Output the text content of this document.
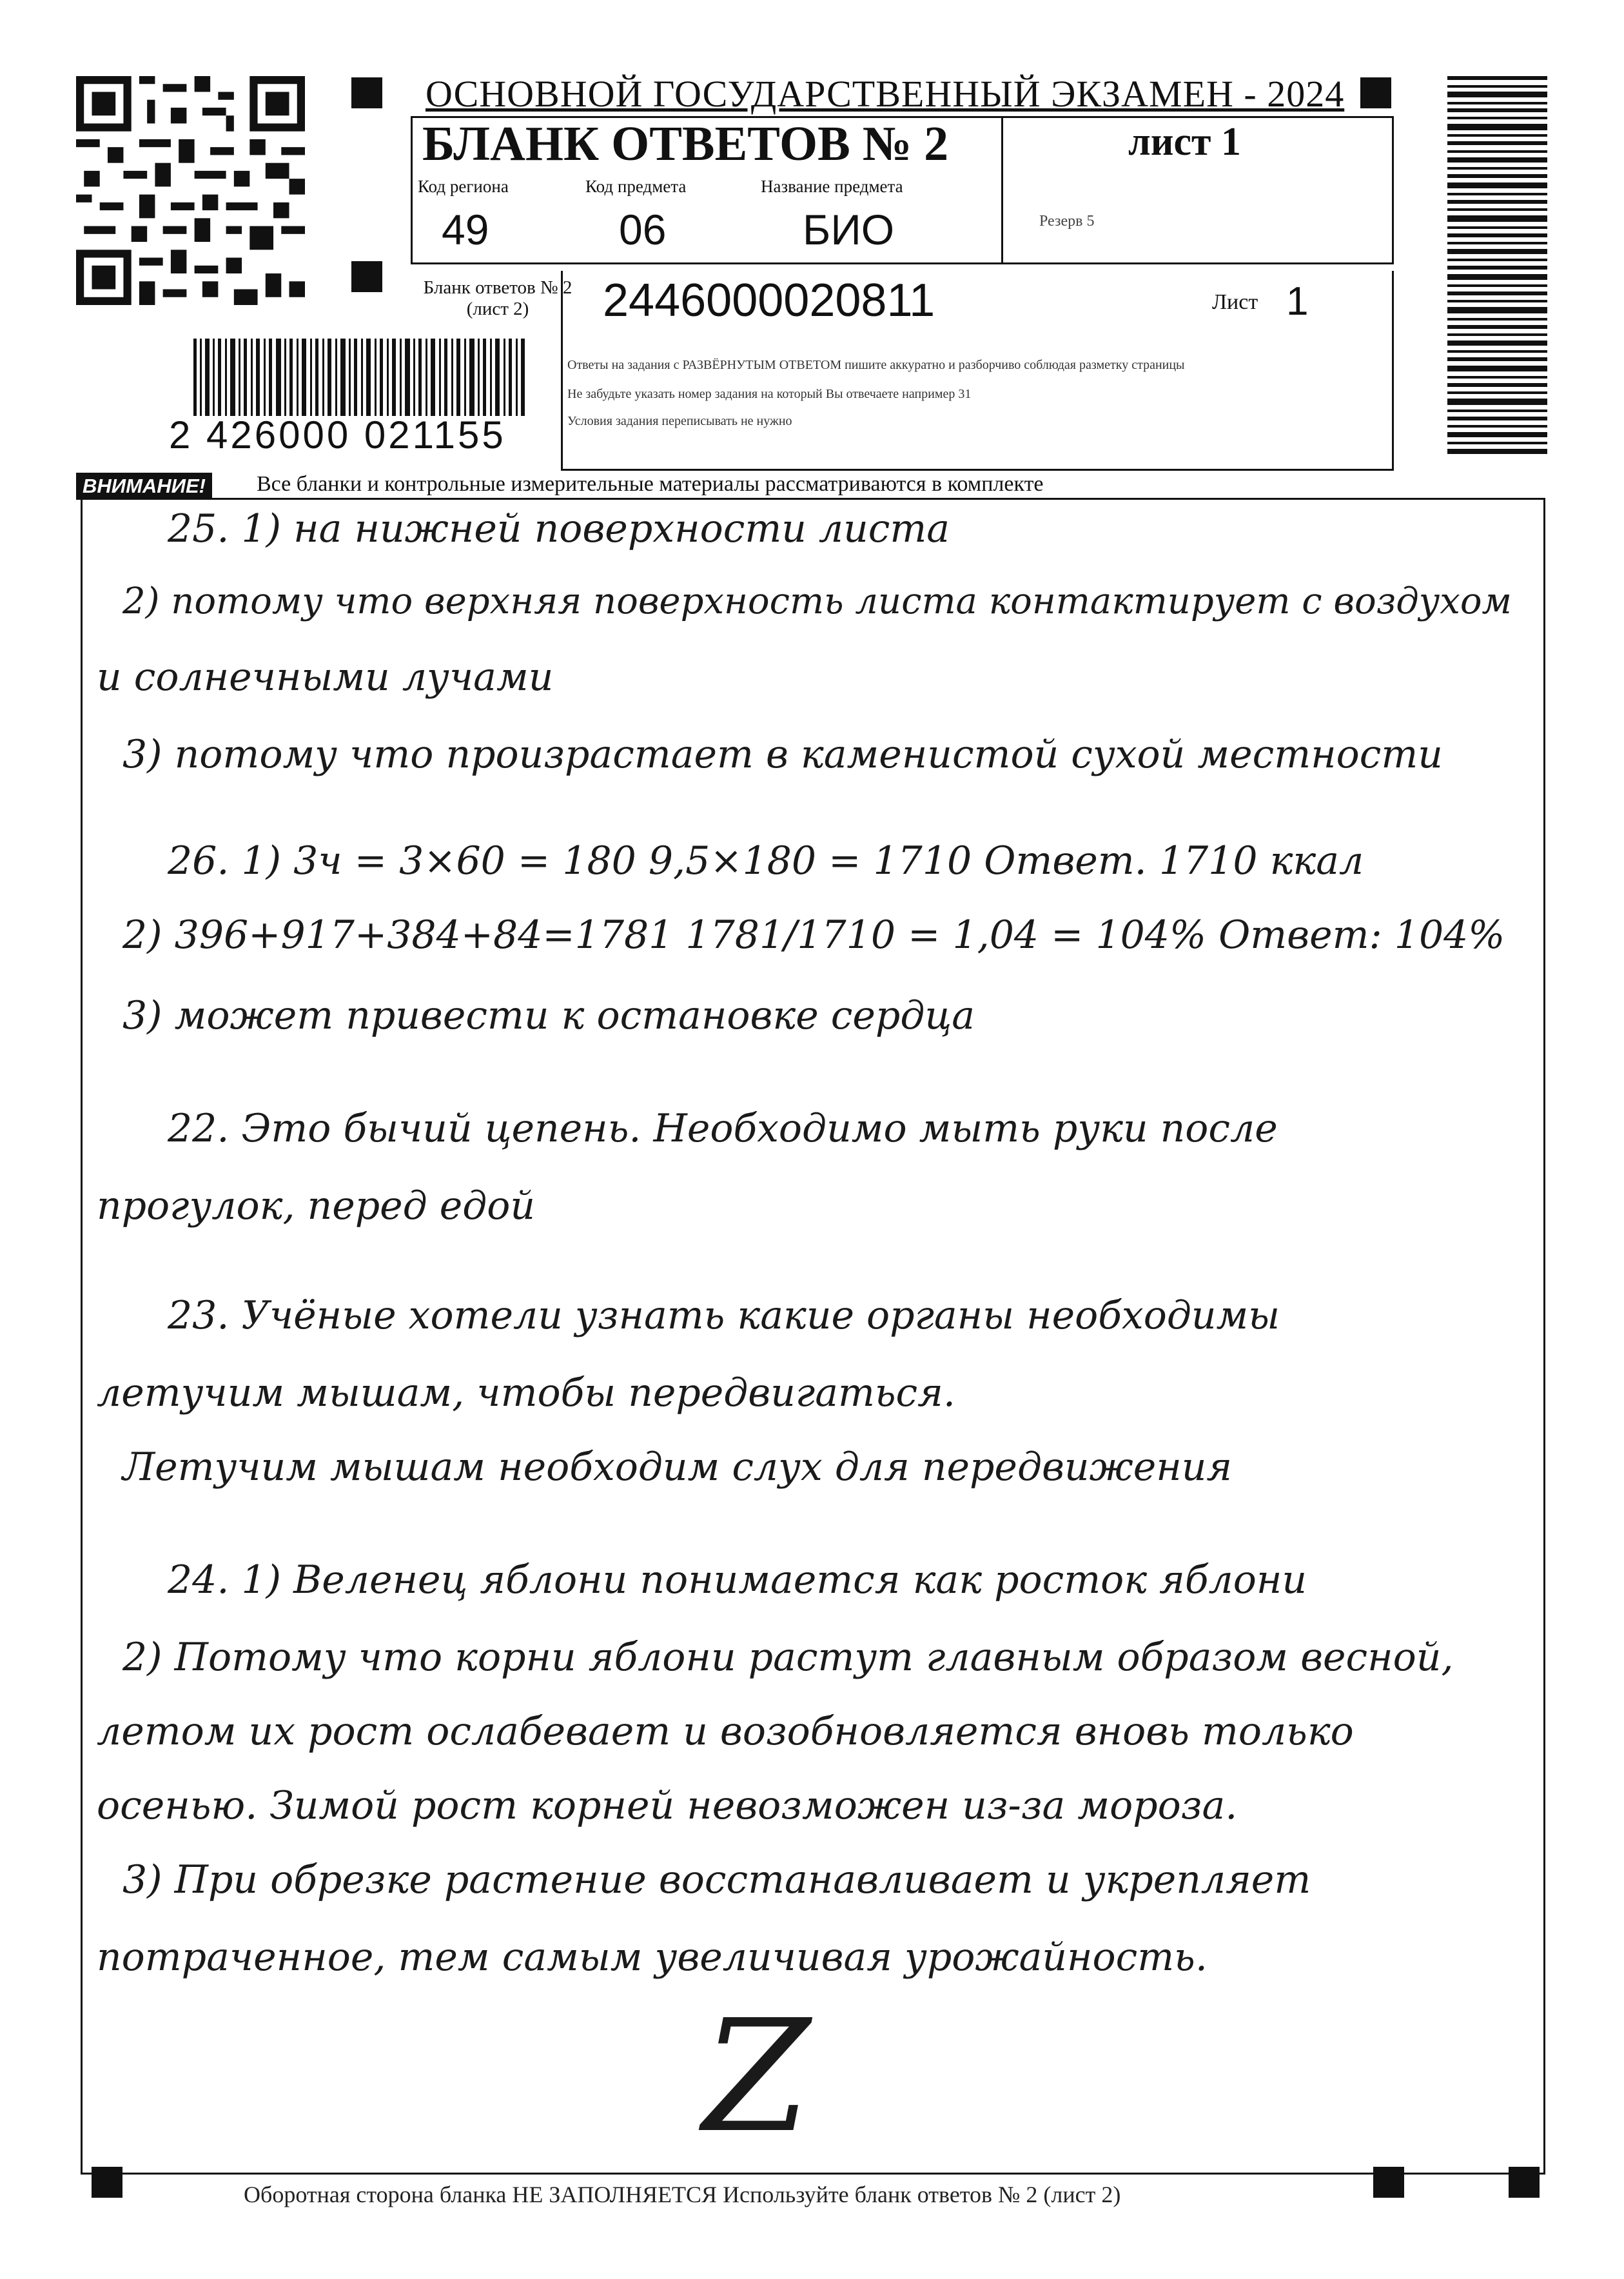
ОСНОВНОЙ ГОСУДАРСТВЕННЫЙ ЭКЗАМЕН - 2024
БЛАНК ОТВЕТОВ № 2	лист 1
Код региона
49
Код предмета
06
Название предмета
БИО	Резерв 5
2 426000 021155
Бланк ответов № 2
(лист 2)	2446000020811	Лист 1
Ответы на задания с РАЗВЁРНУТЫМ ОТВЕТОМ пишите аккуратно и разборчиво соблюдая разметку страницы
Не забудьте указать номер задания на который Вы отвечаете например 31
Условия задания переписывать не нужно
ВНИМАНИЕ! Все бланки и контрольные измерительные материалы рассматриваются в комплекте
25. 1) на нижней поверхности листа
2) потому что верхняя поверхность листа контактирует с воздухом
и солнечными лучами
3) потому что произрастает в каменистой сухой местности
26. 1) 3ч = 3×60 = 180 9,5×180 = 1710 Ответ. 1710 ккал
2) 396+917+384+84=1781 1781/1710 = 1,04 = 104% Ответ: 104%
3) может привести к остановке сердца
22. Это бычий цепень. Необходимо мыть руки после
прогулок, перед едой
23. Учёные хотели узнать какие органы необходимы
летучим мышам, чтобы передвигаться.
Летучим мышам необходим слух для передвижения
24. 1) Веленец яблони понимается как росток яблони
2) Потому что корни яблони растут главным образом весной,
летом их рост ослабевает и возобновляется вновь только
осенью. Зимой рост корней невозможен из-за мороза.
3) При обрезке растение восстанавливает и укрепляет
потраченное, тем самым увеличивая урожайность.
Z
Оборотная сторона бланка НЕ ЗАПОЛНЯЕТСЯ Используйте бланк ответов № 2 (лист 2)
